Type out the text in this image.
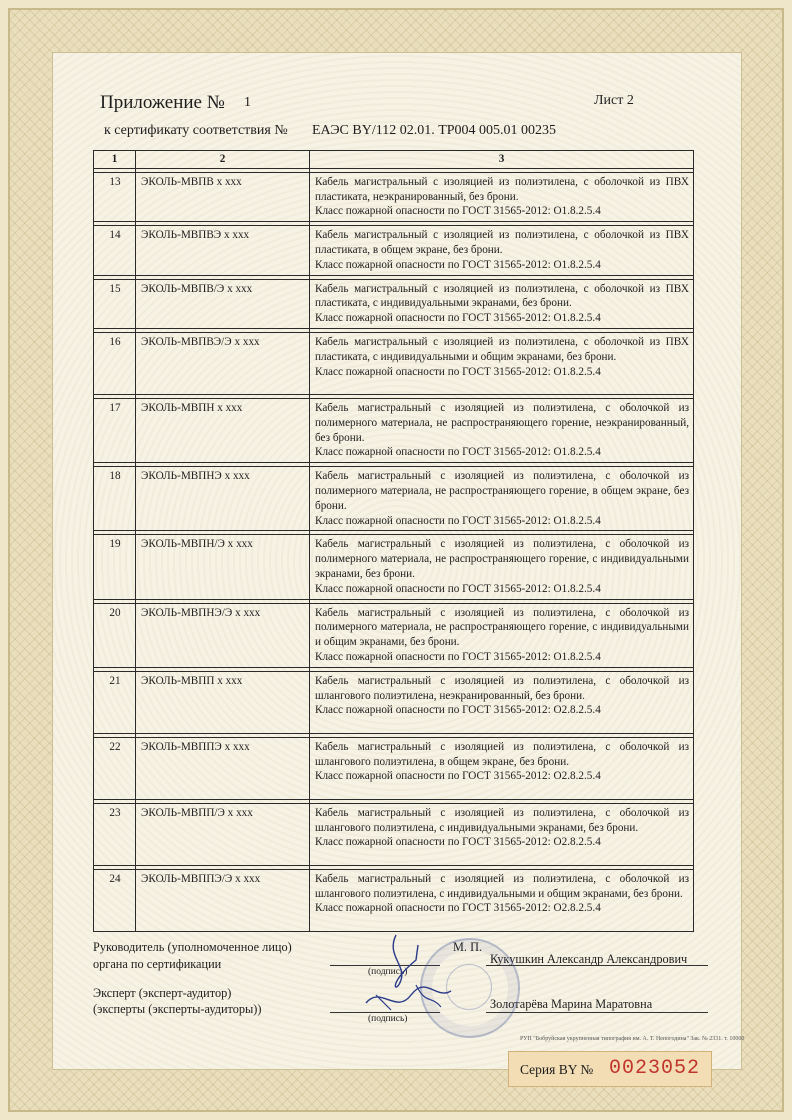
Приложение № 1	Лист 2
к сертификату соответствия № ЕАЭС BY/112 02.01. ТР004 005.01 00235
1	2	3

13	ЭКОЛЬ-МВПВ x xxx	Кабель магистральный с изоляцией из полиэтилена, с оболочкой из ПВХ пластиката, неэкранированный, без брони.
Класс пожарной опасности по ГОСТ 31565-2012: О1.8.2.5.4

14	ЭКОЛЬ-МВПВЭ x xxx	Кабель магистральный с изоляцией из полиэтилена, с оболочкой из ПВХ пластиката, в общем экране, без брони.
Класс пожарной опасности по ГОСТ 31565-2012: О1.8.2.5.4

15	ЭКОЛЬ-МВПВ/Э x xxx	Кабель магистральный с изоляцией из полиэтилена, с оболочкой из ПВХ пластиката, с индивидуальными экранами, без брони.
Класс пожарной опасности по ГОСТ 31565-2012: О1.8.2.5.4

16	ЭКОЛЬ-МВПВЭ/Э x xxx	Кабель магистральный с изоляцией из полиэтилена, с оболочкой из ПВХ пластиката, с индивидуальными и общим экранами, без брони.
Класс пожарной опасности по ГОСТ 31565-2012: О1.8.2.5.4

17	ЭКОЛЬ-МВПН x xxx	Кабель магистральный с изоляцией из полиэтилена, с оболочкой из полимерного материала, не распространяющего горение, неэкранированный, без брони.
Класс пожарной опасности по ГОСТ 31565-2012: О1.8.2.5.4

18	ЭКОЛЬ-МВПНЭ x xxx	Кабель магистральный с изоляцией из полиэтилена, с оболочкой из полимерного материала, не распространяющего горение, в общем экране, без брони.
Класс пожарной опасности по ГОСТ 31565-2012: О1.8.2.5.4

19	ЭКОЛЬ-МВПН/Э x xxx	Кабель магистральный с изоляцией из полиэтилена, с оболочкой из полимерного материала, не распространяющего горение, с индивидуальными экранами, без брони.
Класс пожарной опасности по ГОСТ 31565-2012: О1.8.2.5.4

20	ЭКОЛЬ-МВПНЭ/Э x xxx	Кабель магистральный с изоляцией из полиэтилена, с оболочкой из полимерного материала, не распространяющего горение, с индивидуальными и общим экранами, без брони.
Класс пожарной опасности по ГОСТ 31565-2012: О1.8.2.5.4

21	ЭКОЛЬ-МВПП x xxx	Кабель магистральный с изоляцией из полиэтилена, с оболочкой из шлангового полиэтилена, неэкранированный, без брони.
Класс пожарной опасности по ГОСТ 31565-2012: О2.8.2.5.4

22	ЭКОЛЬ-МВППЭ x xxx	Кабель магистральный с изоляцией из полиэтилена, с оболочкой из шлангового полиэтилена, в общем экране, без брони.
Класс пожарной опасности по ГОСТ 31565-2012: О2.8.2.5.4

23	ЭКОЛЬ-МВПП/Э x xxx	Кабель магистральный с изоляцией из полиэтилена, с оболочкой из шлангового полиэтилена, с индивидуальными экранами, без брони.
Класс пожарной опасности по ГОСТ 31565-2012: О2.8.2.5.4

24	ЭКОЛЬ-МВППЭ/Э x xxx	Кабель магистральный с изоляцией из полиэтилена, с оболочкой из шлангового полиэтилена, с индивидуальными и общим экранами, без брони.
Класс пожарной опасности по ГОСТ 31565-2012: О2.8.2.5.4
Руководитель (уполномоченное лицо)
органа по сертификации
М. П.
(подпись)
Кукушкин Александр Александрович
Эксперт (эксперт-аудитор)
(эксперты (эксперты-аудиторы))
(подпись)
Золотарёва Марина Маратовна
РУП "Бобруйская укрупненная типография им. А. Т. Непогодина" Зак. № 2331. т. 10000
Серия BY № 0023052
